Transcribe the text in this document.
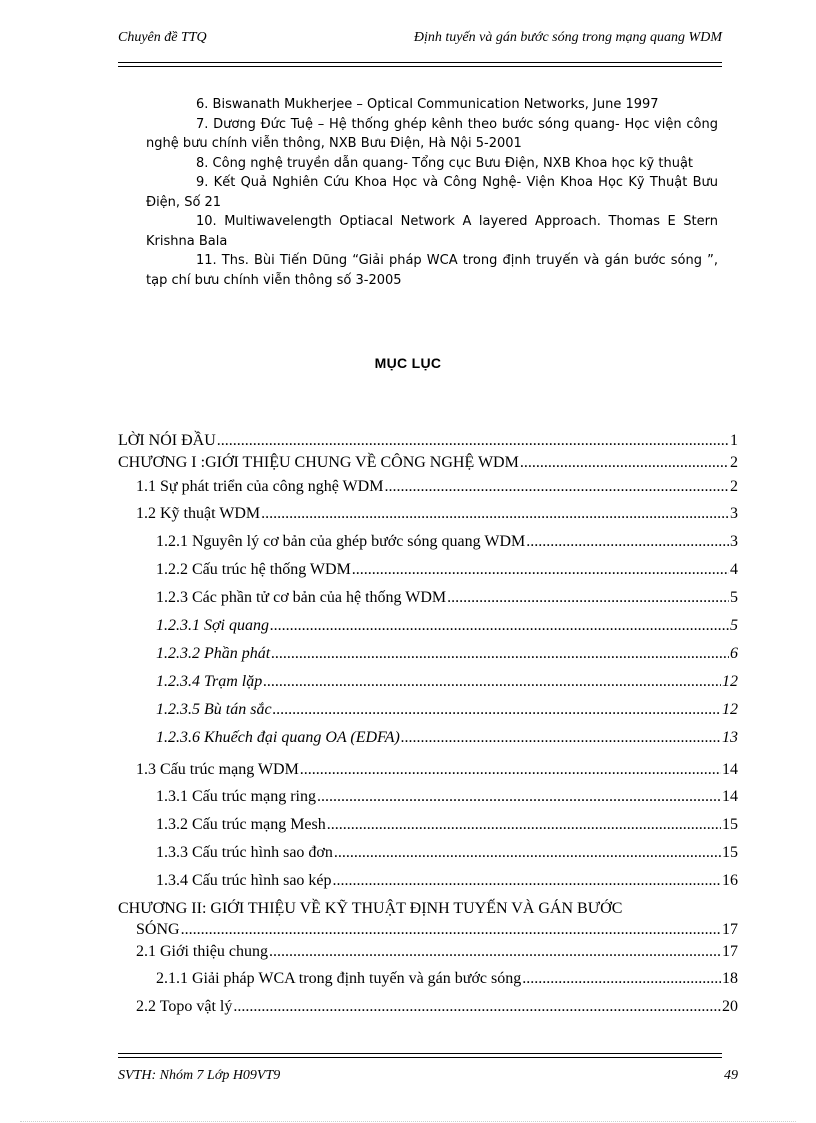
Chuyên đề TTQ	Định tuyến và gán bước sóng trong mạng quang WDM

6. Biswanath Mukherjee – Optical Communication Networks, June 1997

7. Dương Đức Tuệ – Hệ thống ghép kênh theo bước sóng quang- Học viện công nghệ bưu chính viễn thông, NXB Bưu Điện, Hà Nội 5-2001

8. Công nghệ truyền dẫn quang- Tổng cục Bưu Điện, NXB Khoa học kỹ thuật

9. Kết Quả Nghiên Cứu Khoa Học và Công Nghệ- Viện Khoa Học Kỹ Thuật Bưu Điện, Số 21

10. Multiwavelength Optiacal Network A layered Approach. Thomas E Stern Krishna Bala

11. Ths. Bùi Tiến Dũng “Giải pháp WCA trong định truyến và gán bước sóng ”, tạp chí bưu chính viễn thông số 3-2005

MỤC LỤC
LỜI NÓI ĐẦU .....	1
CHƯƠNG I :GIỚI THIỆU CHUNG VỀ CÔNG NGHỆ WDM .....	2
1.1 Sự phát triển của công nghệ WDM .....	2
1.2 Kỹ thuật WDM .....	3
1.2.1 Nguyên lý cơ bản của ghép bước sóng quang WDM .....	3
1.2.2 Cấu trúc hệ thống WDM .....	4
1.2.3 Các phần tử cơ bản của hệ thống WDM .....	5
1.2.3.1 Sợi quang .....	5
1.2.3.2 Phần phát .....	6
1.2.3.4 Trạm lặp .....	12
1.2.3.5 Bù tán sắc .....	12
1.2.3.6 Khuếch đại quang OA (EDFA) .....	13
1.3 Cấu trúc mạng WDM .....	14
1.3.1 Cấu trúc mạng ring .....	14
1.3.2 Cấu trúc mạng Mesh .....	15
1.3.3 Cấu trúc hình sao đơn .....	15
1.3.4 Cấu trúc hình sao kép .....	16
CHƯƠNG II: GIỚI THIỆU VỀ KỸ THUẬT ĐỊNH TUYẾN VÀ GÁN BƯỚC
SÓNG .....	17
2.1 Giới thiệu chung .....	17
2.1.1 Giải pháp WCA trong định tuyến và gán bước sóng .....	18
2.2 Topo vật lý .....	20
SVTH: Nhóm 7 Lớp H09VT9	49
